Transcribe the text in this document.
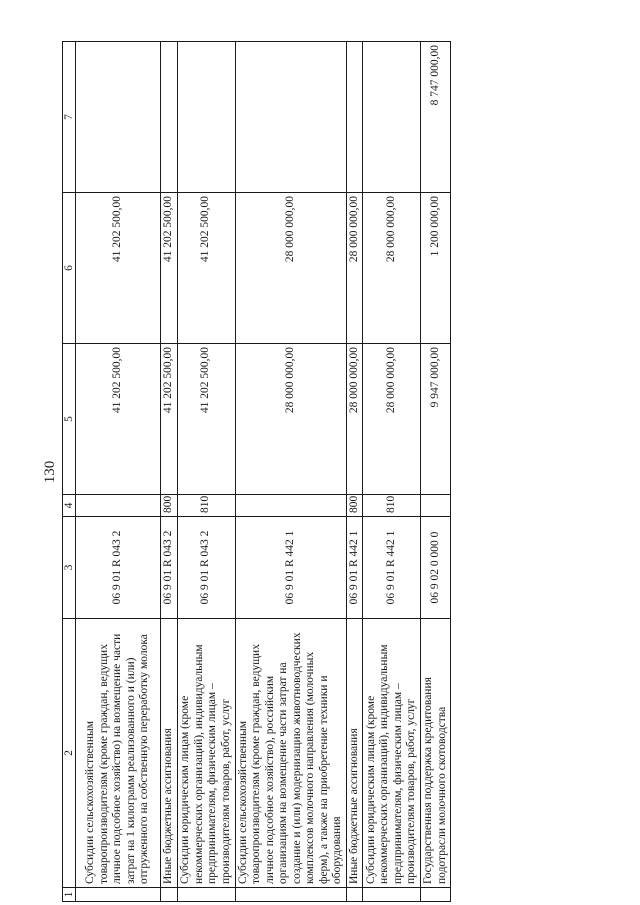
130
1	2	3	4	5	6	7
	Субсидии сельскохозяйственным товаропроизводителям (кроме граждан, ведущих личное подсобное хозяйство) на возмещение части затрат на 1 килограмм реализованного и (или) отгруженного на собственную переработку молока	06 9 01 R 043 2		41 202 500,00	41 202 500,00	
	Иные бюджетные ассигнования	06 9 01 R 043 2	800	41 202 500,00	41 202 500,00	
	Субсидии юридическим лицам (кроме некоммерческих организаций), индивидуальным предпринимателям, физическим лицам – производителям товаров, работ, услуг	06 9 01 R 043 2	810	41 202 500,00	41 202 500,00	
	Субсидии сельскохозяйственным товаропроизводителям (кроме граждан, ведущих личное подсобное хозяйство), российским организациям на возмещение части затрат на создание и (или) модернизацию животноводческих комплексов молочного направления (молочных ферм), а также на приобретение техники и оборудования	06 9 01 R 442 1		28 000 000,00	28 000 000,00	
	Иные бюджетные ассигнования	06 9 01 R 442 1	800	28 000 000,00	28 000 000,00	
	Субсидии юридическим лицам (кроме некоммерческих организаций), индивидуальным предпринимателям, физическим лицам – производителям товаров, работ, услуг	06 9 01 R 442 1	810	28 000 000,00	28 000 000,00	
	Государственная поддержка кредитования подотрасли молочного скотоводства	06 9 02 0 000 0		9 947 000,00	1 200 000,00	8 747 000,00
